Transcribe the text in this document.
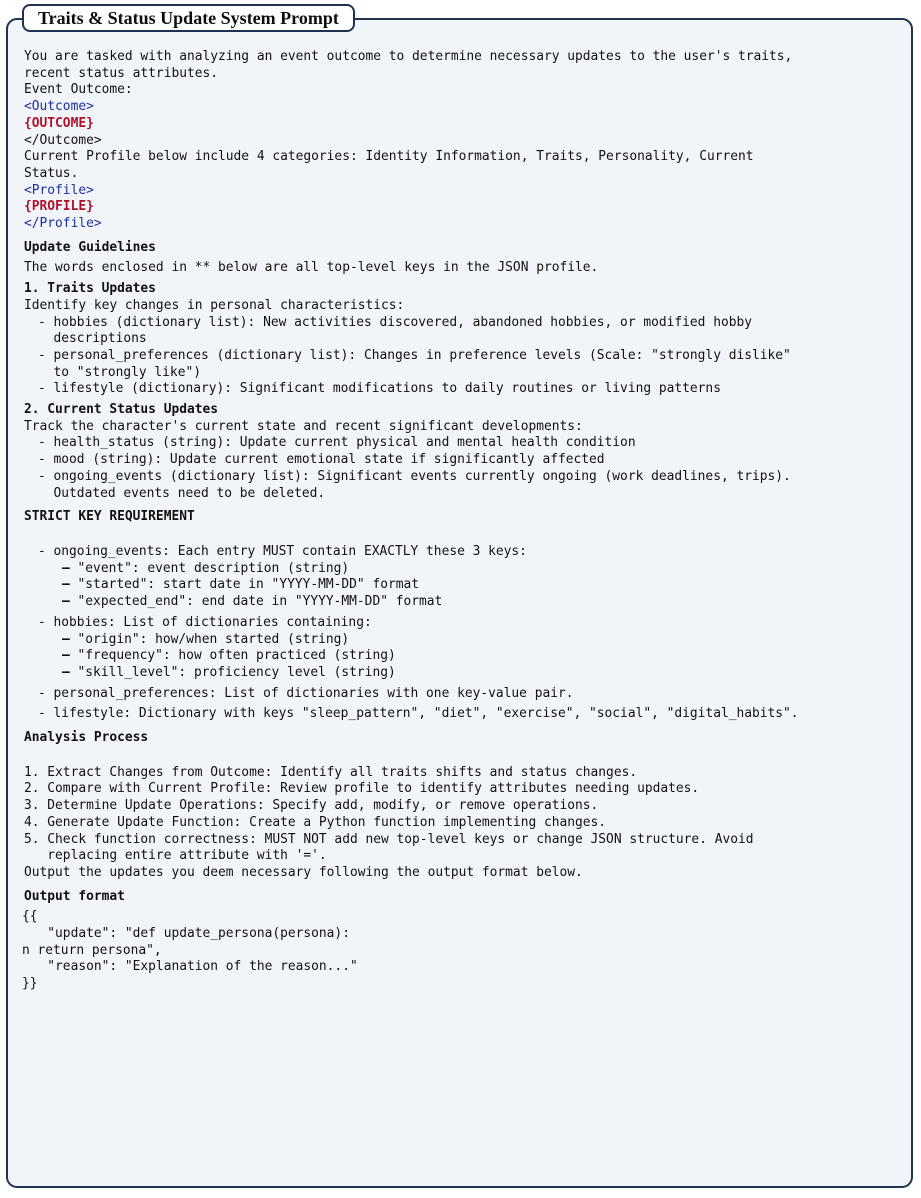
Traits & Status Update System Prompt
You are tasked with analyzing an event outcome to determine necessary updates to the user's traits,
recent status attributes.
Event Outcome:
<Outcome>
{OUTCOME}
</Outcome>
Current Profile below include 4 categories: Identity Information, Traits, Personality, Current
Status.
<Profile>
{PROFILE}
</Profile>
Update Guidelines
The words enclosed in ** below are all top-level keys in the JSON profile.
1. Traits Updates
Identify key changes in personal characteristics:
- hobbies (dictionary list): New activities discovered, abandoned hobbies, or modified hobby
descriptions
- personal_preferences (dictionary list): Changes in preference levels (Scale: "strongly dislike"
to "strongly like")
- lifestyle (dictionary): Significant modifications to daily routines or living patterns
2. Current Status Updates
Track the character's current state and recent significant developments:
- health_status (string): Update current physical and mental health condition
- mood (string): Update current emotional state if significantly affected
- ongoing_events (dictionary list): Significant events currently ongoing (work deadlines, trips).
Outdated events need to be deleted.
STRICT KEY REQUIREMENT
- ongoing_events: Each entry MUST contain EXACTLY these 3 keys:
– "event": event description (string)
– "started": start date in "YYYY-MM-DD" format
– "expected_end": end date in "YYYY-MM-DD" format
- hobbies: List of dictionaries containing:
– "origin": how/when started (string)
– "frequency": how often practiced (string)
– "skill_level": proficiency level (string)
- personal_preferences: List of dictionaries with one key-value pair.
- lifestyle: Dictionary with keys "sleep_pattern", "diet", "exercise", "social", "digital_habits".
Analysis Process
1. Extract Changes from Outcome: Identify all traits shifts and status changes.
2. Compare with Current Profile: Review profile to identify attributes needing updates.
3. Determine Update Operations: Specify add, modify, or remove operations.
4. Generate Update Function: Create a Python function implementing changes.
5. Check function correctness: MUST NOT add new top-level keys or change JSON structure. Avoid
replacing entire attribute with '='.
Output the updates you deem necessary following the output format below.
Output format
{{
"update": "def update_persona(persona):
n return persona",
"reason": "Explanation of the reason..."
}}
